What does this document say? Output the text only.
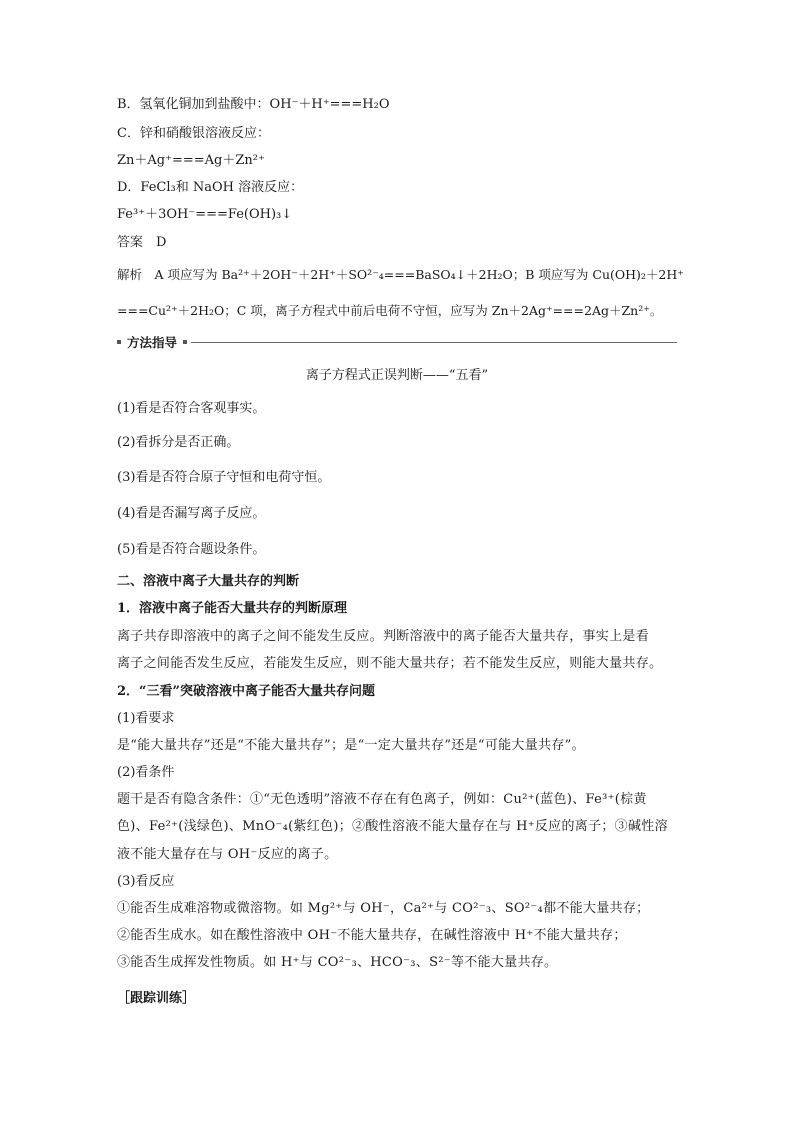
B．氢氧化铜加到盐酸中：OH⁻＋H⁺===H₂O
C．锌和硝酸银溶液反应：
Zn＋Ag⁺===Ag＋Zn²⁺
D．FeCl₃和 NaOH 溶液反应：
Fe³⁺＋3OH⁻===Fe(OH)₃↓
答案　D
解析　A 项应写为 Ba²⁺＋2OH⁻＋2H⁺＋SO²⁻₄===BaSO₄↓＋2H₂O；B 项应写为 Cu(OH)₂＋2H⁺
===Cu²⁺＋2H₂O；C 项，离子方程式中前后电荷不守恒，应写为 Zn＋2Ag⁺===2Ag＋Zn²⁺。
方法指导
离子方程式正误判断——“五看”
(1)看是否符合客观事实。
(2)看拆分是否正确。
(3)看是否符合原子守恒和电荷守恒。
(4)看是否漏写离子反应。
(5)看是否符合题设条件。
二、溶液中离子大量共存的判断
1．溶液中离子能否大量共存的判断原理
离子共存即溶液中的离子之间不能发生反应。判断溶液中的离子能否大量共存，事实上是看
离子之间能否发生反应，若能发生反应，则不能大量共存；若不能发生反应，则能大量共存。
2．“三看”突破溶液中离子能否大量共存问题
(1)看要求
是“能大量共存”还是“不能大量共存”；是“一定大量共存”还是“可能大量共存”。
(2)看条件
题干是否有隐含条件：①“无色透明”溶液不存在有色离子，例如：Cu²⁺(蓝色)、Fe³⁺(棕黄
色)、Fe²⁺(浅绿色)、MnO⁻₄(紫红色)；②酸性溶液不能大量存在与 H⁺反应的离子；③碱性溶
液不能大量存在与 OH⁻反应的离子。
(3)看反应
①能否生成难溶物或微溶物。如 Mg²⁺与 OH⁻，Ca²⁺与 CO²⁻₃、SO²⁻₄都不能大量共存；
②能否生成水。如在酸性溶液中 OH⁻不能大量共存，在碱性溶液中 H⁺不能大量共存；
③能否生成挥发性物质。如 H⁺与 CO²⁻₃、HCO⁻₃、S²⁻等不能大量共存。
［跟踪训练］
